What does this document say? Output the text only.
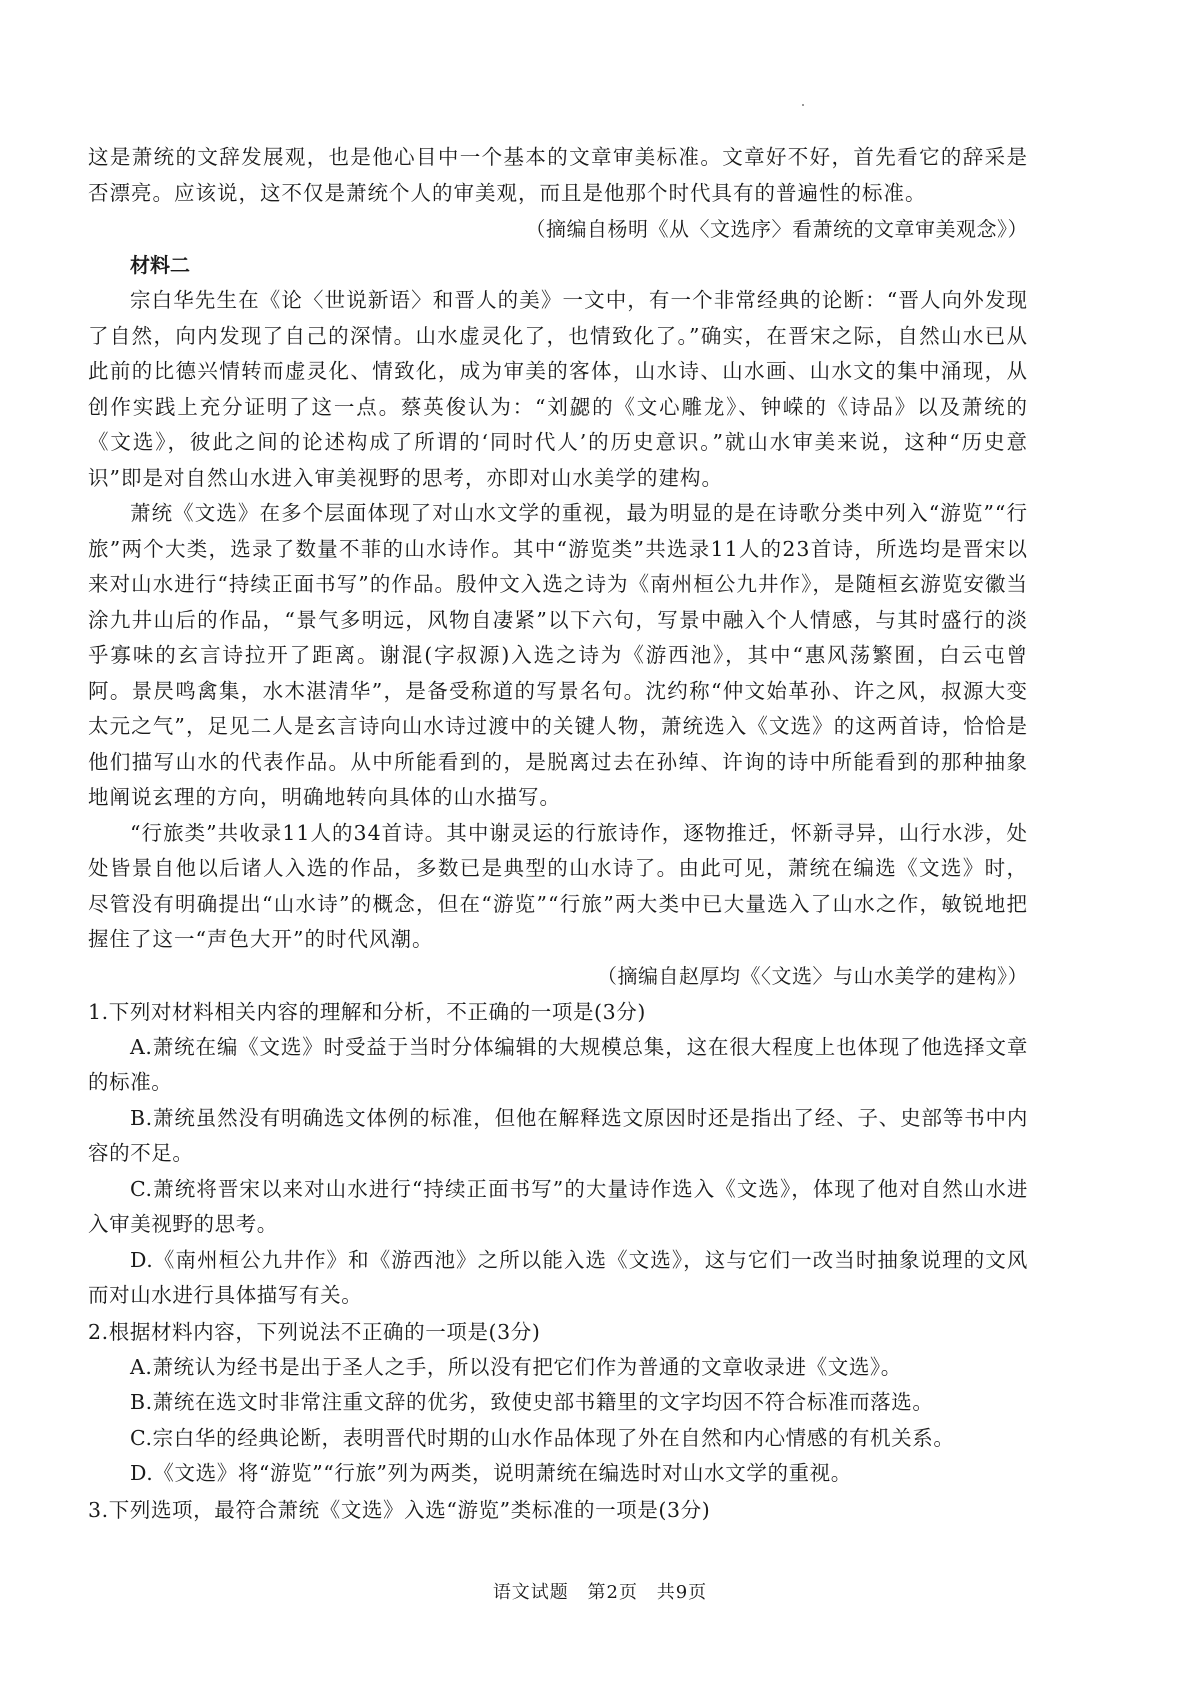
这是萧统的文辞发展观，也是他心目中一个基本的文章审美标准。文章好不好，首先看它的辞采是否漂亮。应该说，这不仅是萧统个人的审美观，而且是他那个时代具有的普遍性的标准。

（摘编自杨明《从〈文选序〉看萧统的文章审美观念》）

材料二

宗白华先生在《论〈世说新语〉和晋人的美》一文中，有一个非常经典的论断：“晋人向外发现了自然，向内发现了自己的深情。山水虚灵化了，也情致化了。”确实，在晋宋之际，自然山水已从此前的比德兴情转而虚灵化、情致化，成为审美的客体，山水诗、山水画、山水文的集中涌现，从创作实践上充分证明了这一点。蔡英俊认为：“刘勰的《文心雕龙》、钟嵘的《诗品》以及萧统的《文选》，彼此之间的论述构成了所谓的‘同时代人’的历史意识。”就山水审美来说，这种“历史意识”即是对自然山水进入审美视野的思考，亦即对山水美学的建构。

萧统《文选》在多个层面体现了对山水文学的重视，最为明显的是在诗歌分类中列入“游览”“行旅”两个大类，选录了数量不菲的山水诗作。其中“游览类”共选录11人的23首诗，所选均是晋宋以来对山水进行“持续正面书写”的作品。殷仲文入选之诗为《南州桓公九井作》，是随桓玄游览安徽当涂九井山后的作品，“景气多明远，风物自凄紧”以下六句，写景中融入个人情感，与其时盛行的淡乎寡味的玄言诗拉开了距离。谢混(字叔源)入选之诗为《游西池》，其中“惠风荡繁囿，白云屯曾阿。景昃鸣禽集，水木湛清华”，是备受称道的写景名句。沈约称“仲文始革孙、许之风，叔源大变太元之气”，足见二人是玄言诗向山水诗过渡中的关键人物，萧统选入《文选》的这两首诗，恰恰是他们描写山水的代表作品。从中所能看到的，是脱离过去在孙绰、许询的诗中所能看到的那种抽象地阐说玄理的方向，明确地转向具体的山水描写。

“行旅类”共收录11人的34首诗。其中谢灵运的行旅诗作，逐物推迁，怀新寻异，山行水涉，处处皆景自他以后诸人入选的作品，多数已是典型的山水诗了。由此可见，萧统在编选《文选》时，尽管没有明确提出“山水诗”的概念，但在“游览”“行旅”两大类中已大量选入了山水之作，敏锐地把握住了这一“声色大开”的时代风潮。

（摘编自赵厚均《〈文选〉与山水美学的建构》）

1.下列对材料相关内容的理解和分析，不正确的一项是(3分)

A.萧统在编《文选》时受益于当时分体编辑的大规模总集，这在很大程度上也体现了他选择文章的标准。

B.萧统虽然没有明确选文体例的标准，但他在解释选文原因时还是指出了经、子、史部等书中内容的不足。

C.萧统将晋宋以来对山水进行“持续正面书写”的大量诗作选入《文选》，体现了他对自然山水进入审美视野的思考。

D.《南州桓公九井作》和《游西池》之所以能入选《文选》，这与它们一改当时抽象说理的文风而对山水进行具体描写有关。

2.根据材料内容，下列说法不正确的一项是(3分)

A.萧统认为经书是出于圣人之手，所以没有把它们作为普通的文章收录进《文选》。

B.萧统在选文时非常注重文辞的优劣，致使史部书籍里的文字均因不符合标准而落选。

C.宗白华的经典论断，表明晋代时期的山水作品体现了外在自然和内心情感的有机关系。

D.《文选》将“游览”“行旅”列为两类，说明萧统在编选时对山水文学的重视。

3.下列选项，最符合萧统《文选》入选“游览”类标准的一项是(3分)

语文试题 第2页 共9页
